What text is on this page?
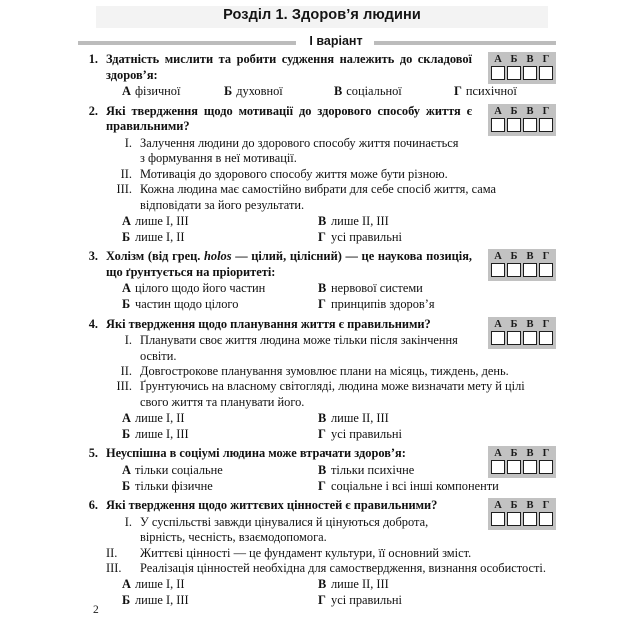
Розділ 1. Здоров’я людини
I варіант
1. Здатність мислити та робити судження належить до складової здоров’я:
А фізичної	Б духовної	В соціальної	Г психічної
А Б В Г
2. Які твердження щодо мотивації до здорового способу життя є правильними?
I. Залучення людини до здорового способу життя починається з формування в неї мотивації.
II. Мотивація до здорового способу життя може бути різною.
III. Кожна людина має самостійно вибрати для себе спосіб життя, сама відповідати за його результати.
А лише I, III	В лише II, III
Б лише I, II	Г усі правильні
А Б В Г
3. Холізм (від грец. holos — цілий, цілісний) — це наукова позиція, що ґрунтується на пріоритеті:
А цілого щодо його частин	В нервової системи
Б частин щодо цілого	Г принципів здоров’я
А Б В Г
4. Які твердження щодо планування життя є правильними?
I. Планувати своє життя людина може тільки після закінчення освіти.
II. Довгострокове планування зумовлює плани на місяць, тиждень, день.
III. Ґрунтуючись на власному світогляді, людина може визначати мету й цілі свого життя та планувати його.
А лише I, II	В лише II, III
Б лише I, III	Г усі правильні
А Б В Г
5. Неуспішна в соціумі людина може втрачати здоров’я:
А тільки соціальне	В тільки психічне
Б тільки фізичне	Г соціальне і всі інші компоненти
А Б В Г
6. Які твердження щодо життєвих цінностей є правильними?
I. У суспільстві завжди цінувалися й цінуються доброта, вірність, чесність, взаємодопомога.
II.	Життєві цінності — це фундамент культури, її основний зміст.
III.	Реалізація цінностей необхідна для самоствердження, визнання особистості.
А лише I, II	В лише II, III
Б лише I, III	Г усі правильні
А Б В Г
2
